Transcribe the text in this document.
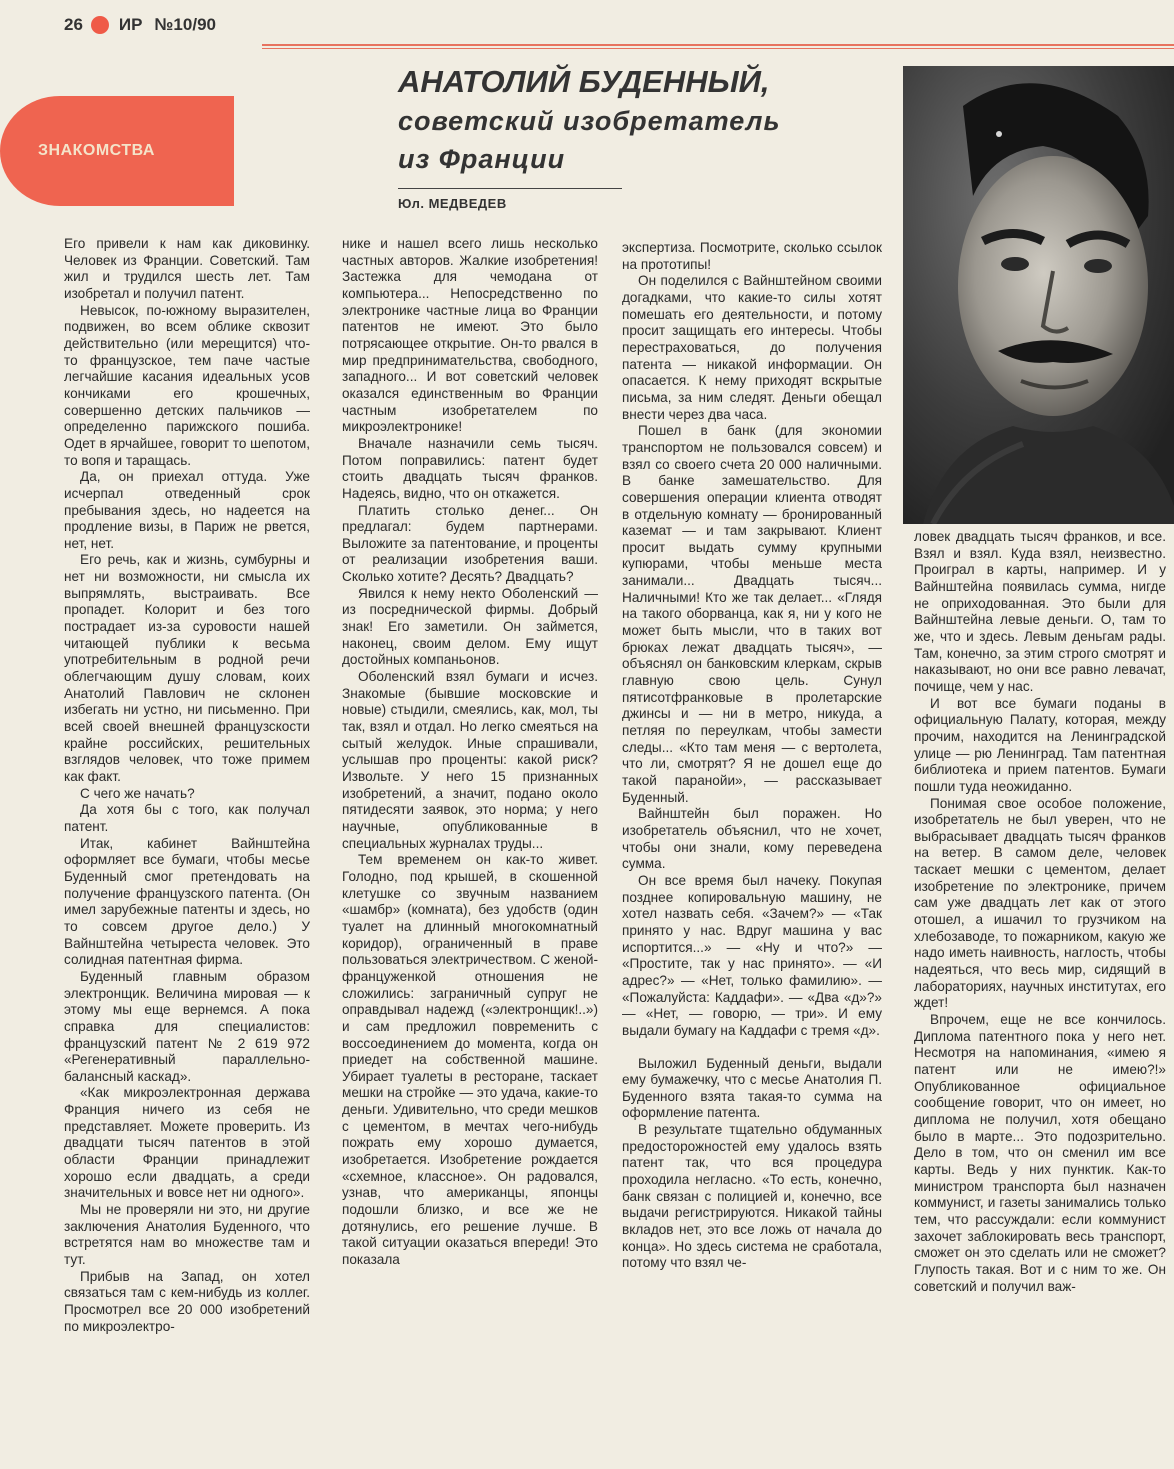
26 ИР №10/90
ЗНАКОМСТВА
АНАТОЛИЙ БУДЕННЫЙ,
советский изобретатель
из Франции
Юл. МЕДВЕДЕВ

Его привели к нам как диковинку. Человек из Франции. Советский. Там жил и трудился шесть лет. Там изобретал и получил патент.

Невысок, по-южному выразителен, подвижен, во всем облике сквозит действительно (или мерещится) что-то французское, тем паче частые легчайшие касания идеальных усов кончиками его крошечных, совершенно детских пальчиков — определенно парижского пошиба. Одет в ярчайшее, говорит то шепотом, то вопя и таращась.

Да, он приехал оттуда. Уже исчерпал отведенный срок пребывания здесь, но надеется на продление визы, в Париж не рвется, нет, нет.

Его речь, как и жизнь, сумбурны и нет ни возможности, ни смысла их выпрямлять, выстраивать. Все пропадет. Колорит и без того пострадает из-за суровости нашей читающей публики к весьма употребительным в родной речи облегчающим душу словам, коих Анатолий Павлович не склонен избегать ни устно, ни письменно. При всей своей внешней французскости крайне российских, решительных взглядов человек, что тоже примем как факт.

С чего же начать?

Да хотя бы с того, как получал патент.

Итак, кабинет Вайнштейна оформляет все бумаги, чтобы месье Буденный смог претендовать на получение французского патента. (Он имел зарубежные патенты и здесь, но то совсем другое дело.) У Вайнштейна четыреста человек. Это солидная патентная фирма.

Буденный главным образом электронщик. Величина мировая — к этому мы еще вернемся. А пока справка для специалистов: французский патент № 2 619 972 «Регенеративный параллельно-балансный каскад».

«Как микроэлектронная держава Франция ничего из себя не представляет. Можете проверить. Из двадцати тысяч патентов в этой области Франции принадлежит хорошо если двадцать, а среди значительных и вовсе нет ни одного».

Мы не проверяли ни это, ни другие заключения Анатолия Буденного, что встретятся нам во множестве там и тут.

Прибыв на Запад, он хотел связаться там с кем-нибудь из коллег. Просмотрел все 20 000 изобретений по микроэлектро-

нике и нашел всего лишь несколько частных авторов. Жалкие изобретения! Застежка для чемодана от компьютера... Непосредственно по электронике частные лица во Франции патентов не имеют. Это было потрясающее открытие. Он-то рвался в мир предпринимательства, свободного, западного... И вот советский человек оказался единственным во Франции частным изобретателем по микроэлектронике!

Вначале назначили семь тысяч. Потом поправились: патент будет стоить двадцать тысяч франков. Надеясь, видно, что он откажется.

Платить столько денег... Он предлагал: будем партнерами. Выложите за патентование, и проценты от реализации изобретения ваши. Сколько хотите? Десять? Двадцать?

Явился к нему некто Оболенский — из посреднической фирмы. Добрый знак! Его заметили. Он займется, наконец, своим делом. Ему ищут достойных компаньонов.

Оболенский взял бумаги и исчез. Знакомые (бывшие московские и новые) стыдили, смеялись, как, мол, ты так, взял и отдал. Но легко смеяться на сытый желудок. Иные спрашивали, услышав про проценты: какой риск? Извольте. У него 15 признанных изобретений, а значит, подано около пятидесяти заявок, это норма; у него научные, опубликованные в специальных журналах труды...

Тем временем он как-то живет. Голодно, под крышей, в скошенной клетушке со звучным названием «шамбр» (комната), без удобств (один туалет на длинный многокомнатный коридор), ограниченный в праве пользоваться электричеством. С женой-француженкой отношения не сложились: заграничный супруг не оправдывал надежд («электронщик!..») и сам предложил повременить с воссоединением до момента, когда он приедет на собственной машине. Убирает туалеты в ресторане, таскает мешки на стройке — это удача, какие-то деньги. Удивительно, что среди мешков с цементом, в мечтах чего-нибудь пожрать ему хорошо думается, изобретается. Изобретение рождается «схемное, классное». Он радовался, узнав, что американцы, японцы подошли близко, и все же не дотянулись, его решение лучше. В такой ситуации оказаться впереди! Это показала

экспертиза. Посмотрите, сколько ссылок на прототипы!

Он поделился с Вайнштейном своими догадками, что какие-то силы хотят помешать его деятельности, и потому просит защищать его интересы. Чтобы перестраховаться, до получения патента — никакой информации. Он опасается. К нему приходят вскрытые письма, за ним следят. Деньги обещал внести через два часа.

Пошел в банк (для экономии транспортом не пользовался совсем) и взял со своего счета 20 000 наличными. В банке замешательство. Для совершения операции клиента отводят в отдельную комнату — бронированный каземат — и там закрывают. Клиент просит выдать сумму крупными купюрами, чтобы меньше места занимали... Двадцать тысяч... Наличными! Кто же так делает... «Глядя на такого оборванца, как я, ни у кого не может быть мысли, что в таких вот брюках лежат двадцать тысяч», — объяснял он банковским клеркам, скрыв главную свою цель. Сунул пятисотфранковые в пролетарские джинсы и — ни в метро, никуда, а петляя по переулкам, чтобы замести следы... «Кто там меня — с вертолета, что ли, смотрят? Я не дошел еще до такой паранойи», — рассказывает Буденный.

Вайнштейн был поражен. Но изобретатель объяснил, что не хочет, чтобы они знали, кому переведена сумма.

Он все время был начеку. Покупая позднее копировальную машину, не хотел назвать себя. «Зачем?» — «Так принято у нас. Вдруг машина у вас испортится...» — «Ну и что?» — «Простите, так у нас принято». — «И адрес?» — «Нет, только фамилию». — «Пожалуйста: Каддафи». — «Два «д»?» — «Нет, — говорю, — три». И ему выдали бумагу на Каддафи с тремя «д».

Выложил Буденный деньги, выдали ему бумажечку, что с месье Анатолия П. Буденного взята такая-то сумма на оформление патента.

В результате тщательно обдуманных предосторожностей ему удалось взять патент так, что вся процедура проходила негласно. «То есть, конечно, банк связан с полицией и, конечно, все выдачи регистрируются. Никакой тайны вкладов нет, это все ложь от начала до конца». Но здесь система не сработала, потому что взял че-

ловек двадцать тысяч франков, и все. Взял и взял. Куда взял, неизвестно. Проиграл в карты, например. И у Вайнштейна появилась сумма, нигде не оприходованная. Это были для Вайнштейна левые деньги. О, там то же, что и здесь. Левым деньгам рады. Там, конечно, за этим строго смотрят и наказывают, но они все равно левачат, почище, чем у нас.

И вот все бумаги поданы в официальную Палату, которая, между прочим, находится на Ленинградской улице — рю Ленинград. Там патентная библиотека и прием патентов. Бумаги пошли туда неожиданно.

Понимая свое особое положение, изобретатель не был уверен, что не выбрасывает двадцать тысяч франков на ветер. В самом деле, человек таскает мешки с цементом, делает изобретение по электронике, причем сам уже двадцать лет как от этого отошел, а ишачил то грузчиком на хлебозаводе, то пожарником, какую же надо иметь наивность, наглость, чтобы надеяться, что весь мир, сидящий в лабораториях, научных институтах, его ждет!

Впрочем, еще не все кончилось. Диплома патентного пока у него нет. Несмотря на напоминания, «имею я патент или не имею?!» Опубликованное официальное сообщение говорит, что он имеет, но диплома не получил, хотя обещано было в марте... Это подозрительно. Дело в том, что он сменил им все карты. Ведь у них пунктик. Как-то министром транспорта был назначен коммунист, и газеты занимались только тем, что рассуждали: если коммунист захочет заблокировать весь транспорт, сможет он это сделать или не сможет? Глупость такая. Вот и с ним то же. Он советский и получил важ-
